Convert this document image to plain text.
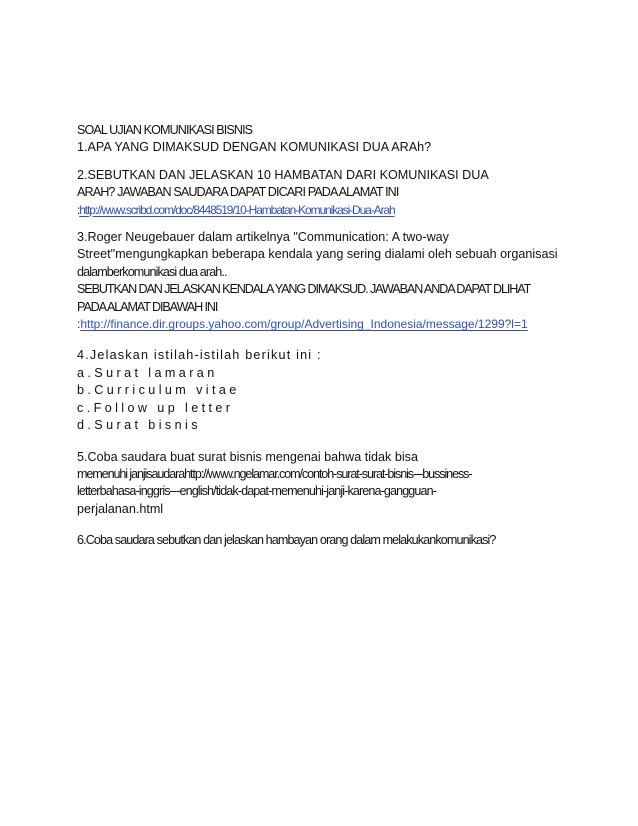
SOAL UJIAN KOMUNIKASI BISNIS
1.APA YANG DIMAKSUD DENGAN KOMUNIKASI DUA ARAh?
2.SEBUTKAN DAN JELASKAN 10 HAMBATAN DARI KOMUNIKASI DUA
ARAH? JAWABAN SAUDARA DAPAT DICARI PADA ALAMAT INI
:http://www.scribd.com/doc/8448519/10-Hambatan-Komunikasi-Dua-Arah
3.Roger Neugebauer dalam artikelnya "Communication: A two-way
Street"mengungkapkan beberapa kendala yang sering dialami oleh sebuah organisasi
dalamberkomunikasi dua arah..
SEBUTKAN DAN JELASKAN KENDALA YANG DIMAKSUD. JAWABAN ANDA DAPAT DLIHAT
PADA ALAMAT DIBAWAH INI
:http://finance.dir.groups.yahoo.com/group/Advertising_Indonesia/message/1299?l=1
4.Jelaskan istilah-istilah berikut ini :
a.Surat lamaran
b.Curriculum vitae
c.Follow up letter
d.Surat bisnis
5.Coba saudara buat surat bisnis mengenai bahwa tidak bisa
memenuhi janjisaudarahttp://www.ngelamar.com/contoh-surat-surat-bisnis---bussiness-
letterbahasa-inggris---english/tidak-dapat-memenuhi-janji-karena-gangguan-
perjalanan.html
6.Coba saudara sebutkan dan jelaskan hambayan orang dalam melakukankomunikasi?
